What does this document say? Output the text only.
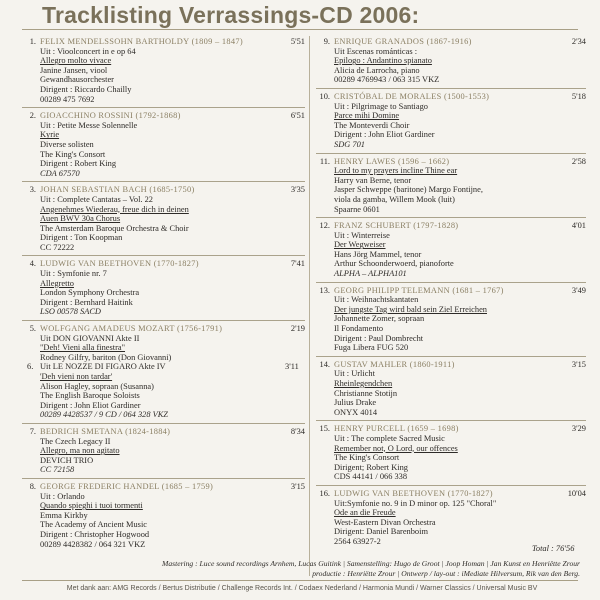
Tracklisting Verrassings-CD 2006:
1.	5'51
FELIX MENDELSSOHN BARTHOLDY (1809 – 1847)
Uit : Vioolconcert in e op 64
Allegro molto vivace
Janine Jansen, viool
Gewandhausorchester
Dirigent : Riccardo Chailly
00289 475 7692
2.	6'51
GIOACCHINO ROSSINI (1792-1868)
Uit : Petite Messe Solennelle
Kyrie
Diverse solisten
The King's Consort
Dirigent : Robert King
CDA 67570
3.	3'35
JOHAN SEBASTIAN BACH (1685-1750)
Uit : Complete Cantatas – Vol. 22
Angenehmes Wiederau, freue dich in deinen
Auen BWV 30a Chorus
The Amsterdam Baroque Orchestra & Choir
Dirigent : Ton Koopman
CC 72222
4.	7'41
LUDWIG VAN BEETHOVEN (1770-1827)
Uit : Symfonie nr. 7
Allegretto
London Symphony Orchestra
Dirigent : Bernhard Haitink
LSO 00578 SACD
5.	2'19
WOLFGANG AMADEUS MOZART (1756-1791)
Uit DON GIOVANNI Akte II
"Deh! Vieni alla finestra"
Rodney Gilfry, bariton (Don Giovanni)
6.	3'11
Uit LE NOZZE DI FIGARO Akte IV
'Deh vieni non tardar'
Alison Hagley, sopraan (Susanna)
The English Baroque Soloists
Dirigent : John Eliot Gardiner
00289 4428537 / 9 CD / 064 328 VKZ
7.	8'34
BEDRICH SMETANA (1824-1884)
The Czech Legacy II
Allegro, ma non agitato
DEVICH TRIO
CC 72158
8.	3'15
GEORGE FREDERIC HANDEL (1685 – 1759)
Uit : Orlando
Quando spieghi i tuoi tormenti
Emma Kirkby
The Academy of Ancient Music
Dirigent : Christopher Hogwood
00289 4428382 / 064 321 VKZ
9.	2'34
ENRIQUE GRANADOS (1867-1916)
Uit Escenas románticas :
Epilogo : Andantino spianato
Alicia de Larrocha, piano
00289 4769943 / 063 315 VKZ
10.	5'18
CRISTÓBAL DE MORALES (1500-1553)
Uit : Pilgrimage to Santiago
Parce mihi Domine
The Monteverdi Choir
Dirigent : John Eliot Gardiner
SDG 701
11.	2'58
HENRY LAWES (1596 – 1662)
Lord to my prayers incline Thine ear
Harry van Berne, tenor
Jasper Schweppe (baritone) Margo Fontijne,
viola da gamba, Willem Mook (luit)
Spaarne 0601
12.	4'01
FRANZ SCHUBERT (1797-1828)
Uit : Winterreise
Der Wegweiser
Hans Jörg Mammel, tenor
Arthur Schoonderwoerd, pianoforte
ALPHA – ALPHA101
13.	3'49
GEORG PHILIPP TELEMANN (1681 – 1767)
Uit : Weihnachtskantaten
Der jungste Tag wird bald sein Ziel Erreichen
Johannette Zomer, sopraan
Il Fondamento
Dirigent : Paul Dombrecht
Fuga Libera FUG 520
14.	3'15
GUSTAV MAHLER (1860-1911)
Uit : Urlicht
Rheinlegendchen
Christianne Stotijn
Julius Drake
ONYX 4014
15.	3'29
HENRY PURCELL (1659 – 1698)
Uit : The complete Sacred Music
Remember not, O Lord, our offences
The King's Consort
Dirigent; Robert King
CDS 44141 / 066 338
16.	10'04
LUDWIG VAN BEETHOVEN (1770-1827)
Uit:Symfonie no. 9 in D minor op. 125 "Choral"
Ode an die Freude
West-Eastern Divan Orchestra
Dirigent: Daniel Barenboim
2564 63927-2
Total : 76'56
Mastering : Luce sound recordings Arnhem, Lucas Guitink | Samenstelling: Hugo de Groot | Joop Homan | Jan Kunst en Henriëtte Zrour
productie : Henriëtte Zrour | Ontwerp / lay-out : iMediate Hilversum, Rik van den Berg.
Met dank aan: AMG Records / Bertus Distributie / Challenge Records Int. / Codaex Nederland / Harmonia Mundi / Warner Classics / Universal Music BV
